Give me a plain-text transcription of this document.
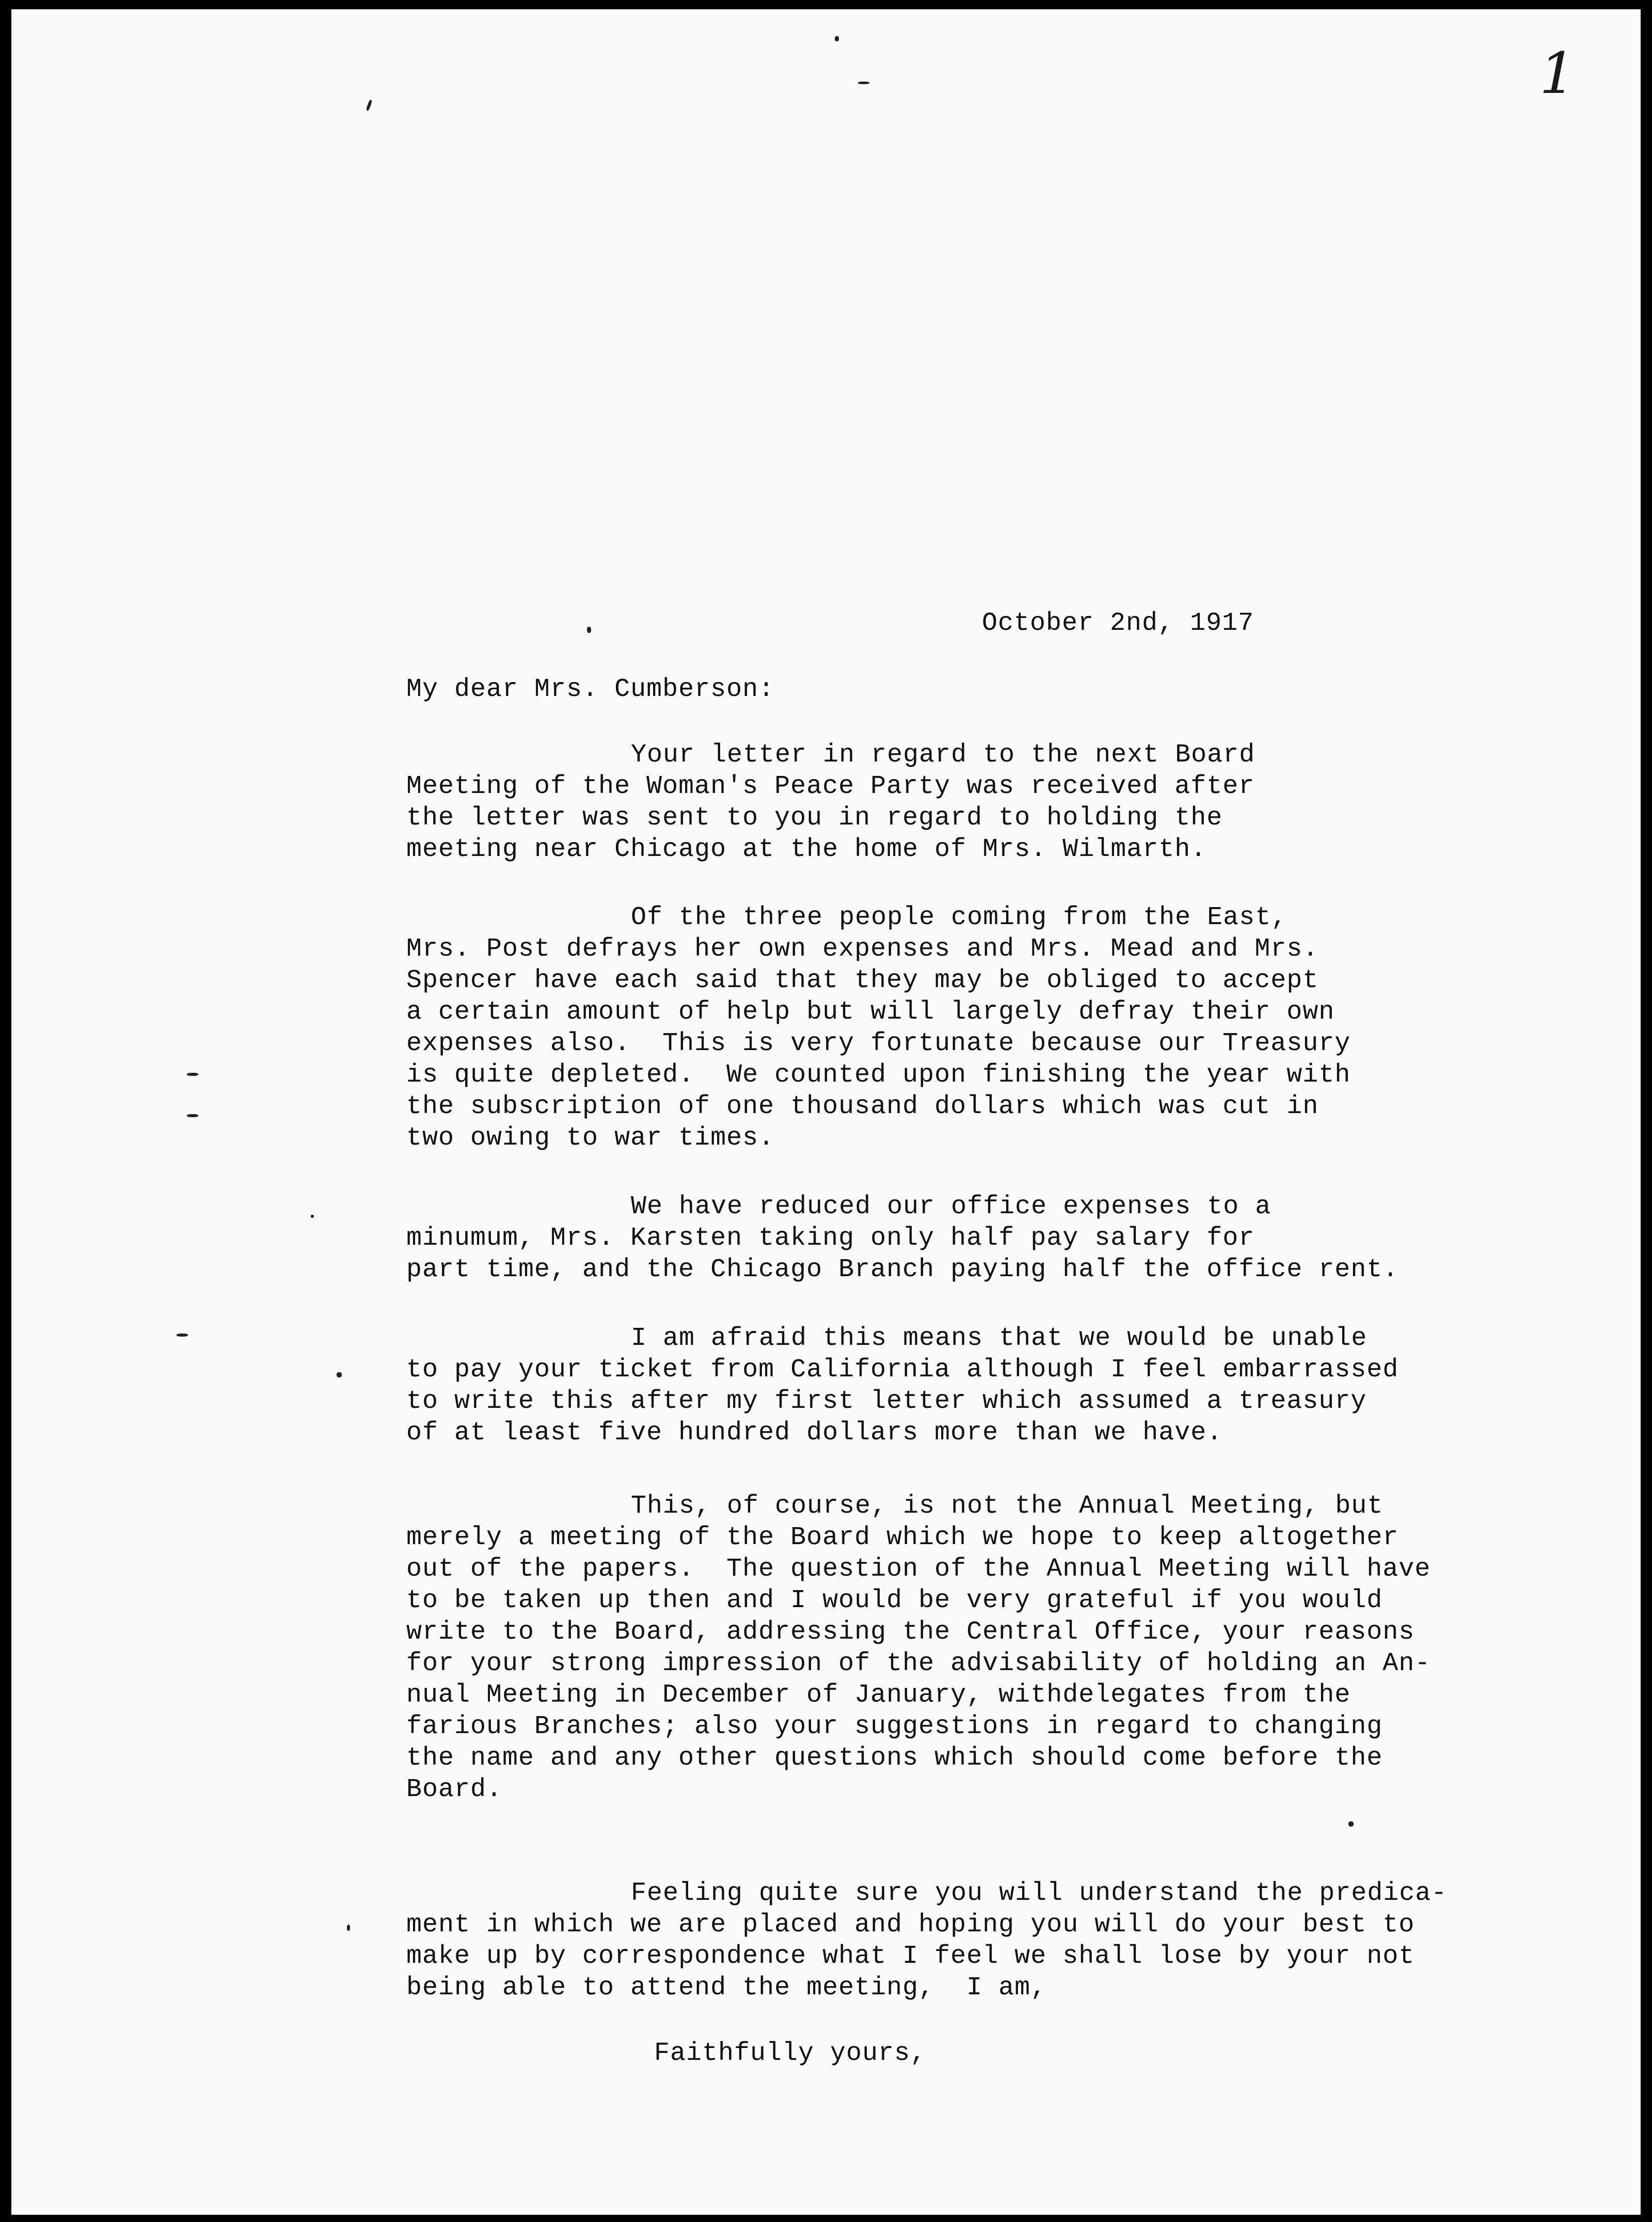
1
October 2nd, 1917
My dear Mrs. Cumberson:
Your letter in regard to the next Board
Meeting of the Woman's Peace Party was received after
the letter was sent to you in regard to holding the
meeting near Chicago at the home of Mrs. Wilmarth.
Of the three people coming from the East,
Mrs. Post defrays her own expenses and Mrs. Mead and Mrs.
Spencer have each said that they may be obliged to accept
a certain amount of help but will largely defray their own
expenses also.  This is very fortunate because our Treasury
is quite depleted.  We counted upon finishing the year with
the subscription of one thousand dollars which was cut in
two owing to war times.
We have reduced our office expenses to a
minumum, Mrs. Karsten taking only half pay salary for
part time, and the Chicago Branch paying half the office rent.
I am afraid this means that we would be unable
to pay your ticket from California although I feel embarrassed
to write this after my first letter which assumed a treasury
of at least five hundred dollars more than we have.
This, of course, is not the Annual Meeting, but
merely a meeting of the Board which we hope to keep altogether
out of the papers.  The question of the Annual Meeting will have
to be taken up then and I would be very grateful if you would
write to the Board, addressing the Central Office, your reasons
for your strong impression of the advisability of holding an An-
nual Meeting in December of January, withdelegates from the
farious Branches; also your suggestions in regard to changing
the name and any other questions which should come before the
Board.
Feeling quite sure you will understand the predica-
ment in which we are placed and hoping you will do your best to
make up by correspondence what I feel we shall lose by your not
being able to attend the meeting,  I am,
Faithfully yours,
